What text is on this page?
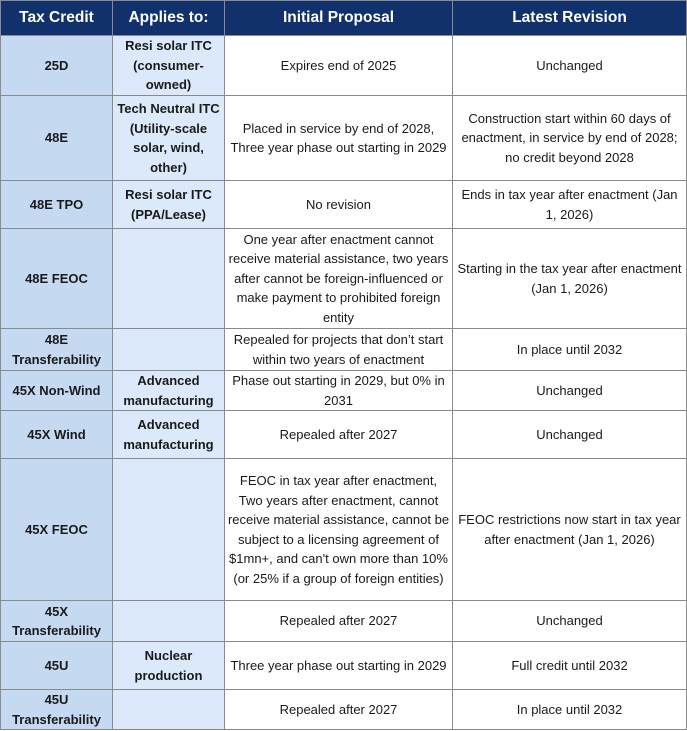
Tax Credit	Applies to:	Initial Proposal	Latest Revision
25D	Resi solar ITC (consumer-owned)	Expires end of 2025	Unchanged
48E	Tech Neutral ITC (Utility-scale solar, wind, other)	Placed in service by end of 2028, Three year phase out starting in 2029	Construction start within 60 days of enactment, in service by end of 2028; no credit beyond 2028
48E TPO	Resi solar ITC (PPA/Lease)	No revision	Ends in tax year after enactment (Jan 1, 2026)
48E FEOC		One year after enactment cannot receive material assistance, two years after cannot be foreign-influenced or make payment to prohibited foreign entity	Starting in the tax year after enactment (Jan 1, 2026)
48E Transferability		Repealed for projects that don’t start within two years of enactment	In place until 2032
45X Non-Wind	Advanced manufacturing	Phase out starting in 2029, but 0% in 2031	Unchanged
45X Wind	Advanced manufacturing	Repealed after 2027	Unchanged
45X FEOC		FEOC in tax year after enactment, Two years after enactment, cannot receive material assistance, cannot be subject to a licensing agreement of $1mn+, and can't own more than 10% (or 25% if a group of foreign entities)	FEOC restrictions now start in tax year after enactment (Jan 1, 2026)
45X Transferability		Repealed after 2027	Unchanged
45U	Nuclear production	Three year phase out starting in 2029	Full credit until 2032
45U Transferability		Repealed after 2027	In place until 2032
